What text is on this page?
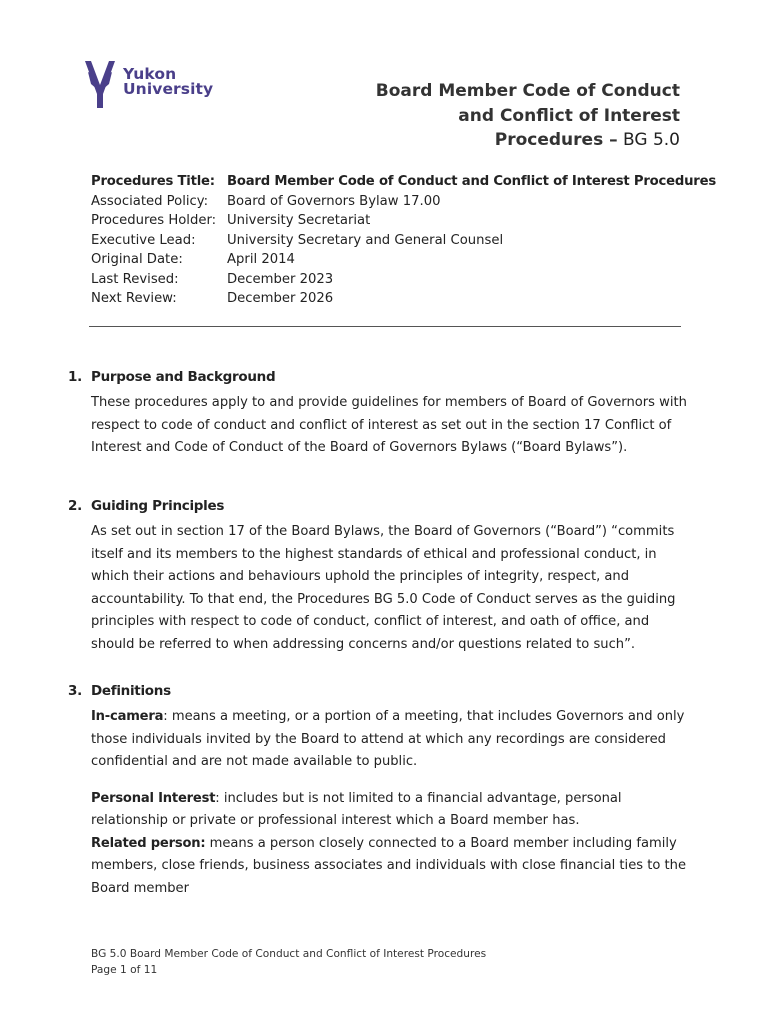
Yukon
University	Board Member Code of Conduct
and Conflict of Interest
Procedures – BG 5.0
Procedures Title: Board Member Code of Conduct and Conflict of Interest Procedures
Associated Policy:	Board of Governors Bylaw 17.00
Procedures Holder: University Secretariat
Executive Lead:	University Secretary and General Counsel
Original Date:	April 2014
Last Revised:	December 2023
Next Review:	December 2026
1. Purpose and Background

These procedures apply to and provide guidelines for members of Board of Governors with respect to code of conduct and conflict of interest as set out in the section 17 Conflict of Interest and Code of Conduct of the Board of Governors Bylaws (“Board Bylaws”).

2. Guiding Principles

As set out in section 17 of the Board Bylaws, the Board of Governors (“Board”) “commits itself and its members to the highest standards of ethical and professional conduct, in which their actions and behaviours uphold the principles of integrity, respect, and accountability. To that end, the Procedures BG 5.0 Code of Conduct serves as the guiding principles with respect to code of conduct, conflict of interest, and oath of office, and should be referred to when addressing concerns and/or questions related to such”.

3. Definitions

In-camera: means a meeting, or a portion of a meeting, that includes Governors and only those individuals invited by the Board to attend at which any recordings are considered confidential and are not made available to public.

Personal Interest: includes but is not limited to a financial advantage, personal relationship or private or professional interest which a Board member has.

Related person: means a person closely connected to a Board member including family members, close friends, business associates and individuals with close financial ties to the Board member

BG 5.0 Board Member Code of Conduct and Conflict of Interest Procedures
Page 1 of 11
